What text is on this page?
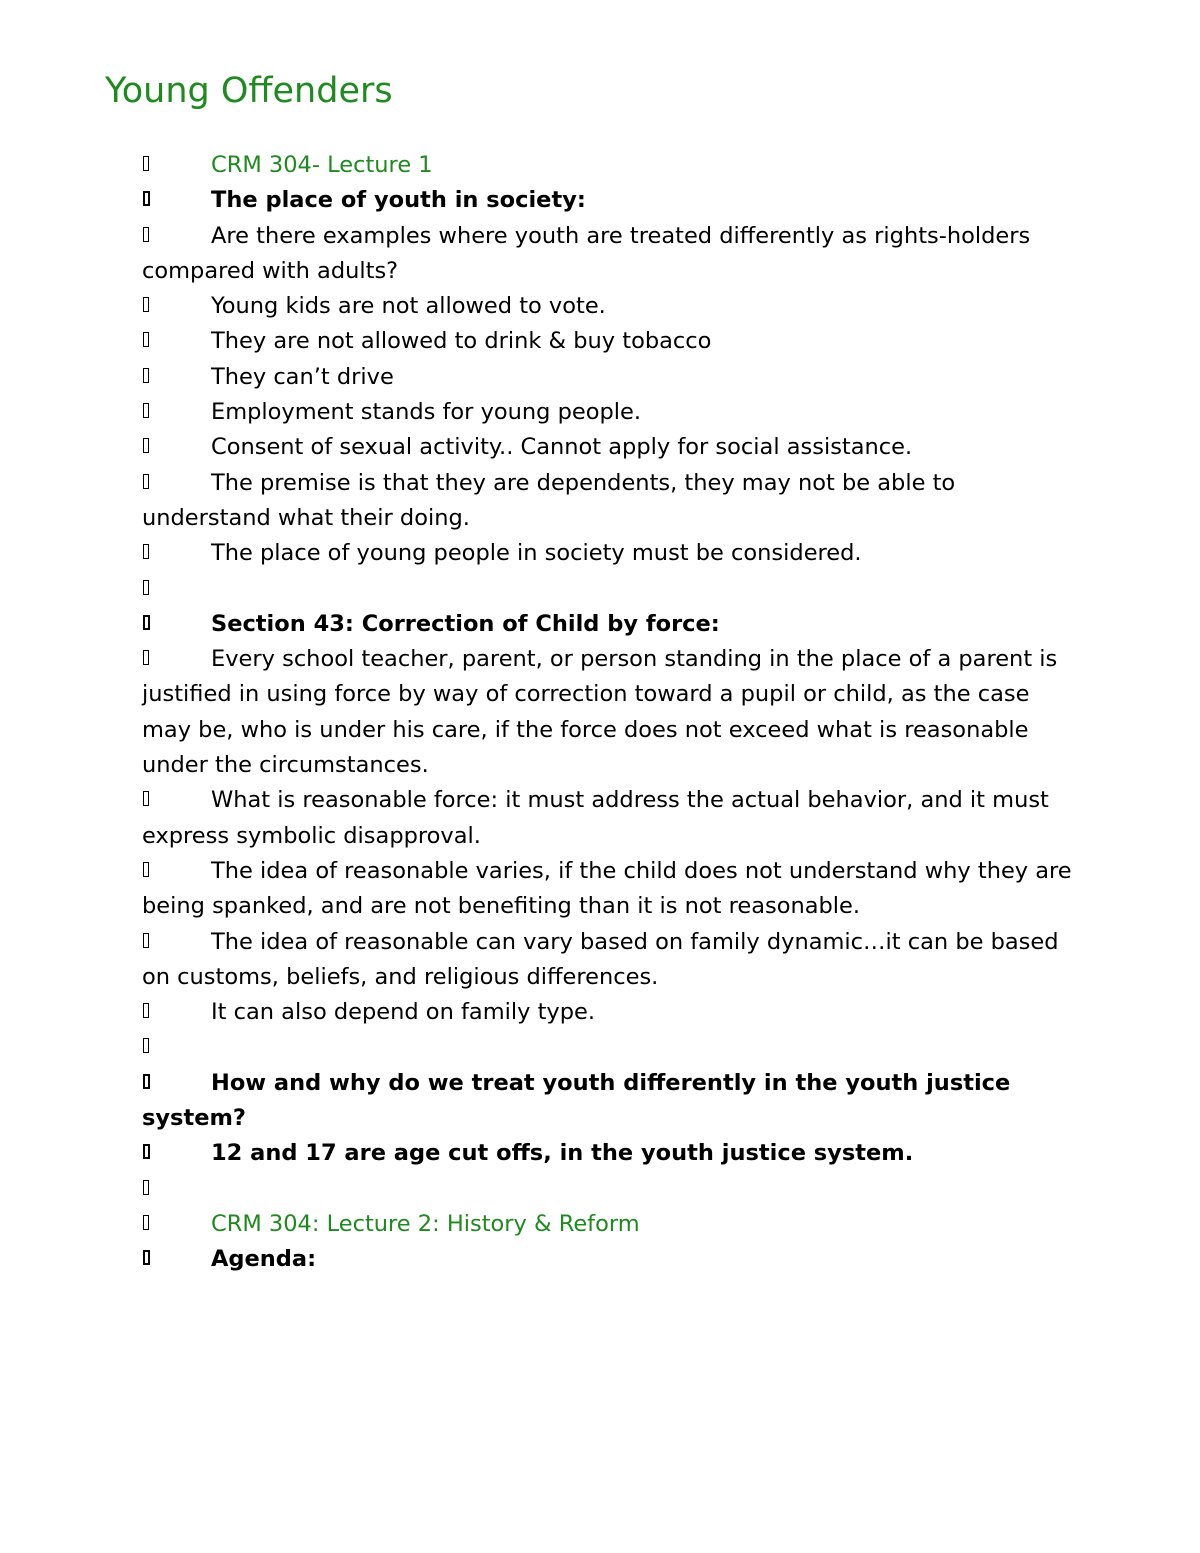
Young Offenders

CRM 304- Lecture 1

The place of youth in society:

Are there examples where youth are treated differently as rights-holders compared with adults?

Young kids are not allowed to vote.

They are not allowed to drink & buy tobacco

They can’t drive

Employment stands for young people.

Consent of sexual activity.. Cannot apply for social assistance.

The premise is that they are dependents, they may not be able to understand what their doing.

The place of young people in society must be considered.

Section 43: Correction of Child by force:

Every school teacher, parent, or person standing in the place of a parent is justified in using force by way of correction toward a pupil or child, as the case may be, who is under his care, if the force does not exceed what is reasonable under the circumstances.

What is reasonable force: it must address the actual behavior, and it must express symbolic disapproval.

The idea of reasonable varies, if the child does not understand why they are being spanked, and are not benefiting than it is not reasonable.

The idea of reasonable can vary based on family dynamic…it can be based on customs, beliefs, and religious differences.

It can also depend on family type.

How and why do we treat youth differently in the youth justice system?

12 and 17 are age cut offs, in the youth justice system.

CRM 304: Lecture 2: History & Reform

Agenda:
